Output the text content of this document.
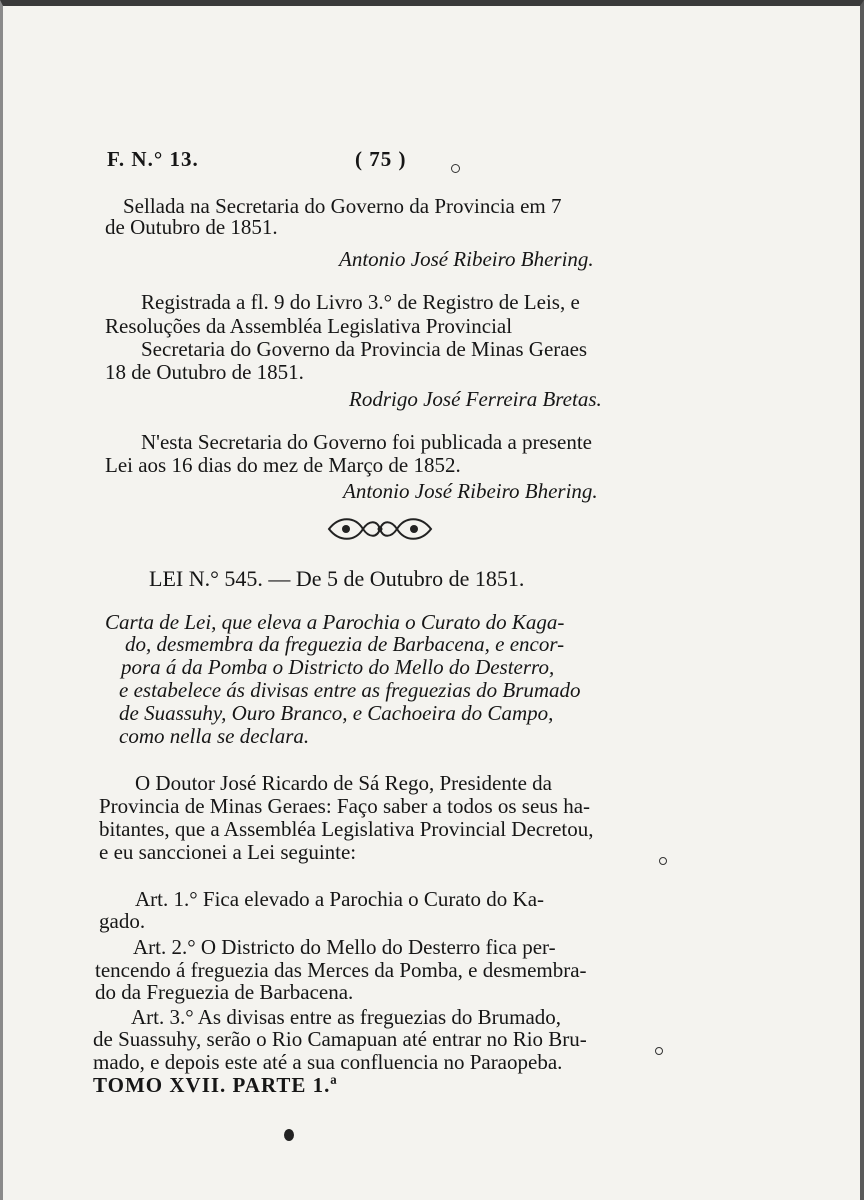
F. N.° 13.	( 75 )
Sellada na Secretaria do Governo da Provincia em 7
de Outubro de 1851.
Antonio José Ribeiro Bhering.
Registrada a fl. 9 do Livro 3.° de Registro de Leis, e
Resoluções da Assembléa Legislativa Provincial
Secretaria do Governo da Provincia de Minas Geraes
18 de Outubro de 1851.
Rodrigo José Ferreira Bretas.
N'esta Secretaria do Governo foi publicada a presente
Lei aos 16 dias do mez de Março de 1852.
Antonio José Ribeiro Bhering.
LEI N.° 545. — De 5 de Outubro de 1851.
Carta de Lei, que eleva a Parochia o Curato do Kaga-
do, desmembra da freguezia de Barbacena, e encor-
pora á da Pomba o Districto do Mello do Desterro,
e estabelece ás divisas entre as freguezias do Brumado
de Suassuhy, Ouro Branco, e Cachoeira do Campo,
como nella se declara.
O Doutor José Ricardo de Sá Rego, Presidente da
Provincia de Minas Geraes: Faço saber a todos os seus ha-
bitantes, que a Assembléa Legislativa Provincial Decretou,
e eu sanccionei a Lei seguinte:
Art. 1.° Fica elevado a Parochia o Curato do Ka-
gado.
Art. 2.° O Districto do Mello do Desterro fica per-
tencendo á freguezia das Merces da Pomba, e desmembra-
do da Freguezia de Barbacena.
Art. 3.° As divisas entre as freguezias do Brumado,
de Suassuhy, serão o Rio Camapuan até entrar no Rio Bru-
mado, e depois este até a sua confluencia no Paraopeba.
TOMO XVII. PARTE 1.ª
